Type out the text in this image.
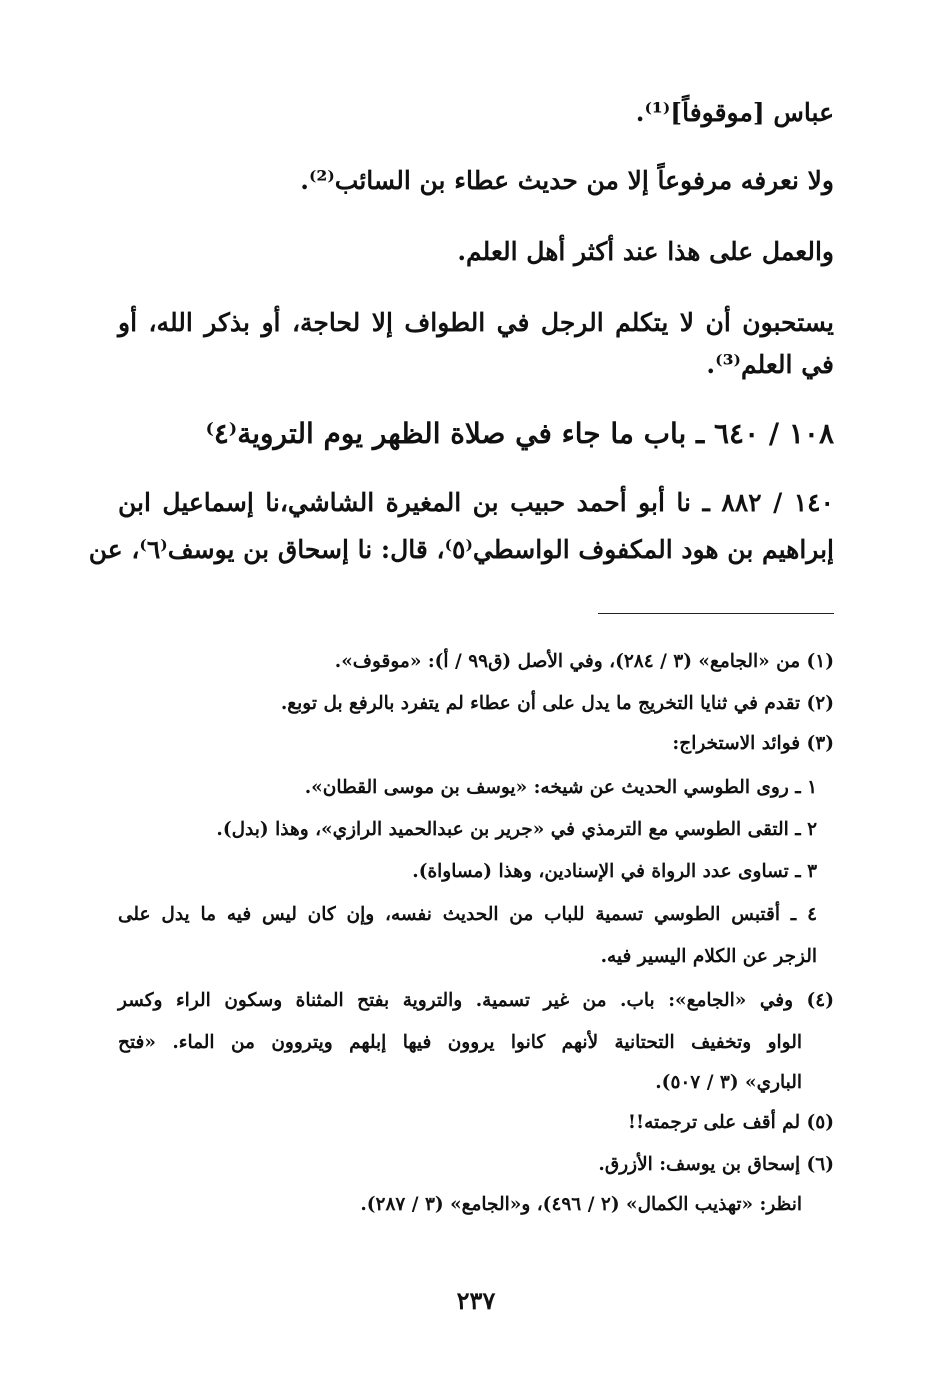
عباس [موقوفاً]⁽¹⁾.
ولا نعرفه مرفوعاً إلا من حديث عطاء بن السائب⁽²⁾.
والعمل على هذا عند أكثر أهل العلم.
يستحبون أن لا يتكلم الرجل في الطواف إلا لحاجة، أو بذكر الله، أو
في العلم⁽³⁾.
١٠٨ / ٦٤٠ ـ باب ما جاء في صلاة الظهر يوم التروية⁽٤⁾
١٤٠ / ٨٨٢ ـ نا أبو أحمد حبيب بن المغيرة الشاشي،نا إسماعيل ابن
إبراهيم بن هود المكفوف الواسطي⁽٥⁾، قال: نا إسحاق بن يوسف⁽٦⁾، عن
(١) من «الجامع» (٣ / ٢٨٤)، وفي الأصل (ق٩٩ / أ): «موقوف».
(٢) تقدم في ثنايا التخريج ما يدل على أن عطاء لم يتفرد بالرفع بل توبع.
(٣) فوائد الاستخراج:
١ ـ روى الطوسي الحديث عن شيخه: «يوسف بن موسى القطان».
٢ ـ التقى الطوسي مع الترمذي في «جرير بن عبدالحميد الرازي»، وهذا (بدل).
٣ ـ تساوى عدد الرواة في الإسنادين، وهذا (مساواة).
٤ ـ أقتبس الطوسي تسمية للباب من الحديث نفسه، وإن كان ليس فيه ما يدل على
الزجر عن الكلام اليسير فيه.
(٤) وفي «الجامع»: باب. من غير تسمية. والتروية بفتح المثناة وسكون الراء وكسر
الواو وتخفيف التحتانية لأنهم كانوا يروون فيها إبلهم ويتروون من الماء. «فتح
الباري» (٣ / ٥٠٧).
(٥) لم أقف على ترجمته!!
(٦) إسحاق بن يوسف: الأزرق.
انظر: «تهذيب الكمال» (٢ / ٤٩٦)، و«الجامع» (٣ / ٢٨٧).
٢٣٧
